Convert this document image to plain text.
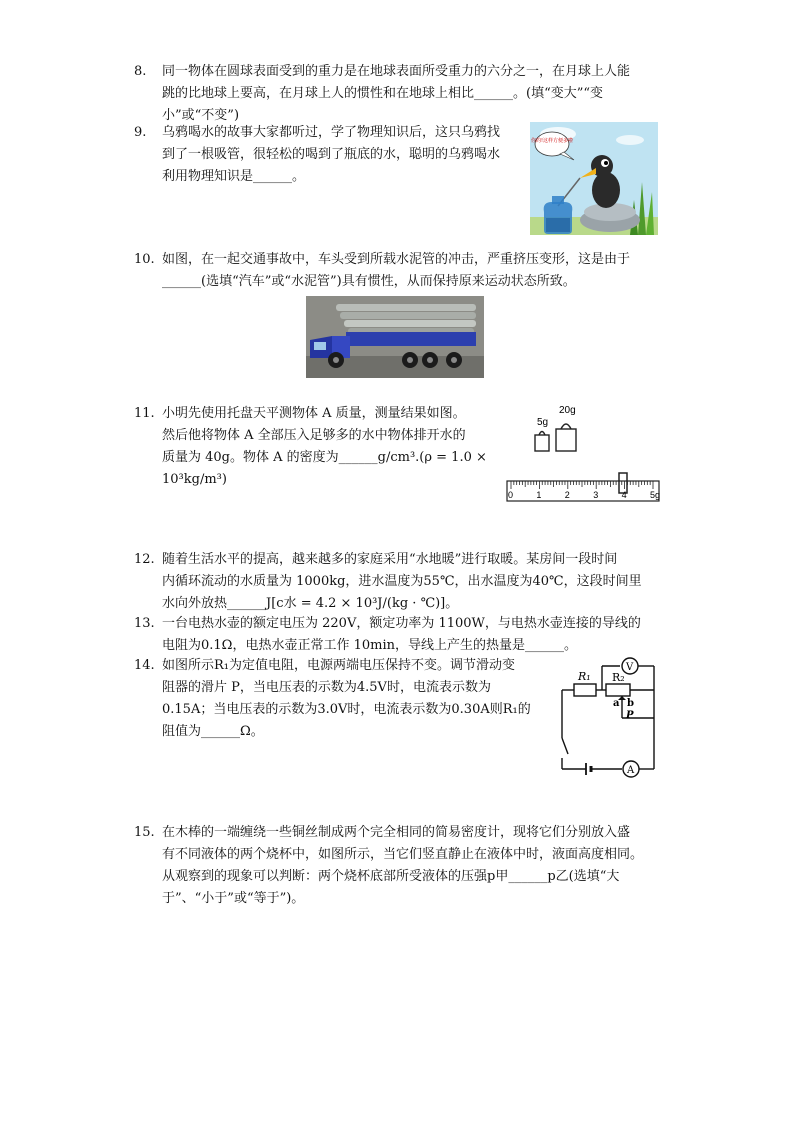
8.	同一物体在圆球表面受到的重力是在地球表面所受重力的六分之一，在月球上人能
跳的比地球上要高，在月球上人的惯性和在地球上相比______。(填“变大”“变
小”或“不变”)
9.	乌鸦喝水的故事大家都听过，学了物理知识后，这只乌鸦找
到了一根吸管，很轻松的喝到了瓶底的水，聪明的乌鸦喝水
利用物理知识是______。
你的!这样方便多啦
10. 如图，在一起交通事故中，车头受到所载水泥管的冲击，严重挤压变形，这是由于
______(选填“汽车”或“水泥管”)具有惯性，从而保持原来运动状态所致。
11. 小明先使用托盘天平测物体 A 质量，测量结果如图。
然后他将物体 A 全部压入足够多的水中物体排开水的
质量为 40g。物体 A 的密度为______g/cm³.(ρ = 1.0 ×
10³kg/m³)
5g
20g
0	1	2	3	4	5g
12. 随着生活水平的提高，越来越多的家庭采用“水地暖”进行取暖。某房间一段时间
内循环流动的水质量为 1000kg，进水温度为55℃，出水温度为40℃，这段时间里
水向外放热______J[c水 = 4.2 × 10³J/(kg · ℃)]。
13. 一台电热水壶的额定电压为 220V，额定功率为 1100W，与电热水壶连接的导线的
电阻为0.1Ω，电热水壶正常工作 10min，导线上产生的热量是______。
14. 如图所示R₁为定值电阻，电源两端电压保持不变。调节滑动变
阻器的滑片 P，当电压表的示数为4.5V时，电流表示数为
0.15A；当电压表的示数为3.0V时，电流表示数为0.30A则R₁的
阻值为______Ω。
R₁ R₂
a b
P
V
A
15. 在木棒的一端缠绕一些铜丝制成两个完全相同的简易密度计，现将它们分别放入盛
有不同液体的两个烧杯中，如图所示，当它们竖直静止在液体中时，液面高度相同。
从观察到的现象可以判断：两个烧杯底部所受液体的压强p甲______p乙(选填“大
于”、“小于”或“等于”)。
